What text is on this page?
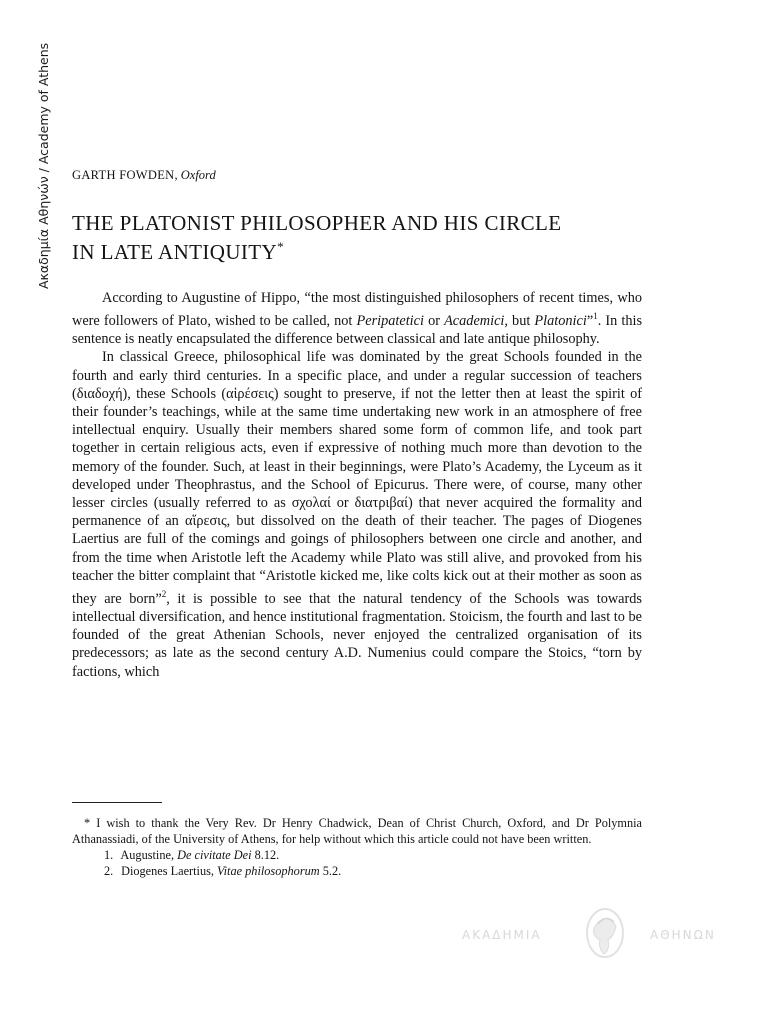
Ακαδημία Αθηνών / Academy of Athens GARTH FOWDEN, Oxford
THE PLATONIST PHILOSOPHER AND HIS CIRCLE
IN LATE ANTIQUITY*

According to Augustine of Hippo, “the most distinguished philosophers of recent times, who were followers of Plato, wished to be called, not Peripatetici or Academici, but Platonici”$^1$. In this sentence is neatly encapsulated the difference between classical and late antique philosophy.

In classical Greece, philosophical life was dominated by the great Schools founded in the fourth and early third centuries. In a specific place, and under a regular succession of teachers (διαδοχή), these Schools (αἱρέσεις) sought to preserve, if not the letter then at least the spirit of their founder’s teachings, while at the same time undertaking new work in an atmosphere of free intellectual enquiry. Usually their members shared some form of common life, and took part together in certain religious acts, even if expressive of nothing much more than devotion to the memory of the founder. Such, at least in their beginnings, were Plato’s Academy, the Lyceum as it developed under Theophrastus, and the School of Epicurus. There were, of course, many other lesser circles (usually referred to as σχολαί or διατριβαί) that never acquired the formality and permanence of an αἵρεσις, but dissolved on the death of their teacher. The pages of Diogenes Laertius are full of the comings and goings of philosophers between one circle and another, and from the time when Aristotle left the Academy while Plato was still alive, and provoked from his teacher the bitter complaint that “Aristotle kicked me, like colts kick out at their mother as soon as they are born”$^2$, it is possible to see that the natural tendency of the Schools was towards intellectual diversification, and hence institutional fragmentation. Stoicism, the fourth and last to be founded of the great Athenian Schools, never enjoyed the centralized organisation of its predecessors; as late as the second century A.D. Numenius could compare the Stoics, “torn by factions, which

* I wish to thank the Very Rev. Dr Henry Chadwick, Dean of Christ Church, Oxford, and Dr Polymnia Athanassiadi, of the University of Athens, for help without which this article could not have been written.

1. Augustine, De civitate Dei 8.12.

2. Diogenes Laertius, Vitae philosophorum 5.2.

ΑΚΑΔΗΜΙΑ	ΑΘΗΝΩΝ
